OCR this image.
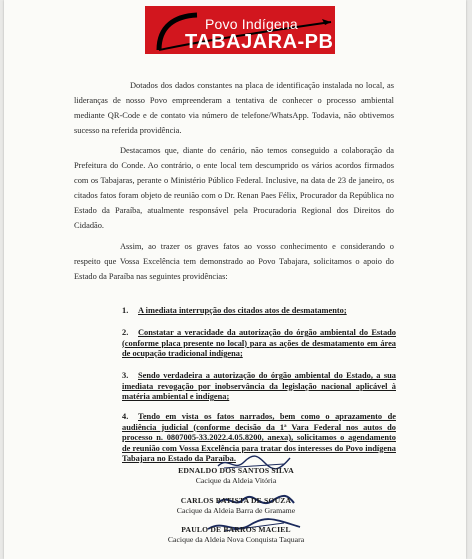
Povo Indígena
TABAJARA-PB

Dotados dos dados constantes na placa de identificação instalada no local, as lideranças de nosso Povo empreenderam a tentativa de conhecer o processo ambiental mediante QR-Code e de contato via número de telefone/WhatsApp. Todavia, não obtivemos sucesso na referida providência.

Destacamos que, diante do cenário, não temos conseguido a colaboração da Prefeitura do Conde. Ao contrário, o ente local tem descumprido os vários acordos firmados com os Tabajaras, perante o Ministério Público Federal. Inclusive, na data de 23 de janeiro, os citados fatos foram objeto de reunião com o Dr. Renan Paes Félix, Procurador da República no Estado da Paraíba, atualmente responsável pela Procuradoria Regional dos Direitos do Cidadão.

Assim, ao trazer os graves fatos ao vosso conhecimento e considerando o respeito que Vossa Excelência tem demonstrado ao Povo Tabajara, solicitamos o apoio do Estado da Paraíba nas seguintes providências:

1. A imediata interrupção dos citados atos de desmatamento;

2. Constatar a veracidade da autorização do órgão ambiental do Estado (conforme placa presente no local) para as ações de desmatamento em área de ocupação tradicional indígena;

3. Sendo verdadeira a autorização do órgão ambiental do Estado, a sua imediata revogação por inobservância da legislação nacional aplicável à matéria ambiental e indígena;

4. Tendo em vista os fatos narrados, bem como o aprazamento de audiência judicial (conforme decisão da 1ª Vara Federal nos autos do processo n. 0807005-33.2022.4.05.8200, anexa), solicitamos o agendamento de reunião com Vossa Excelência para tratar dos interesses do Povo indígena Tabajara no Estado da Paraíba.

EDNALDO DOS SANTOS SILVA
Cacique da Aldeia Vitória
CARLOS BATISTA DE SOUZA
Cacique da Aldeia Barra de Gramame
PAULO DE BARROS MACIEL
Cacique da Aldeia Nova Conquista Taquara
